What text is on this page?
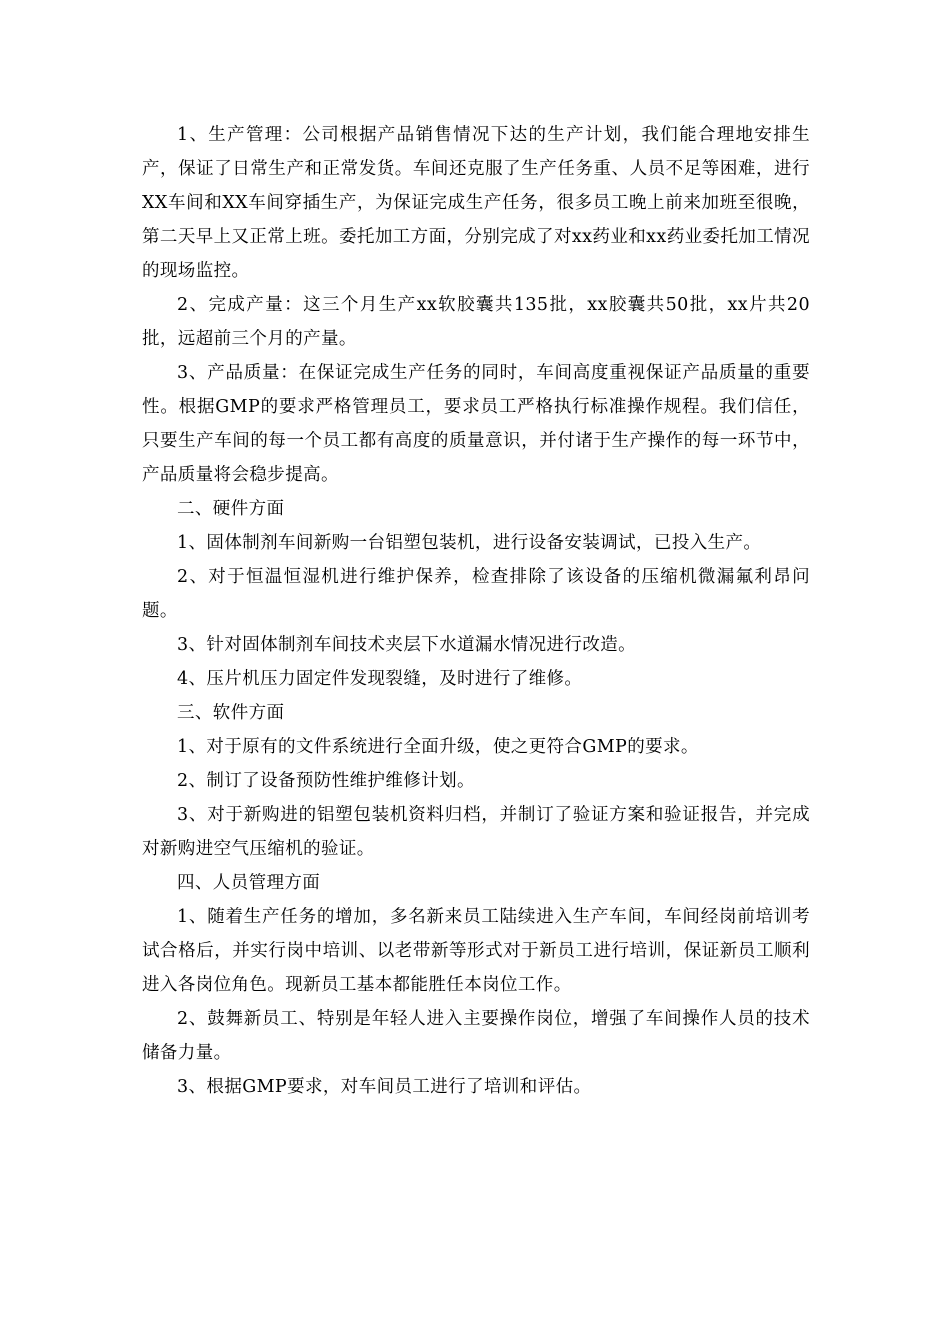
1、生产管理：公司根据产品销售情况下达的生产计划，我们能合理地安排生产，保证了日常生产和正常发货。车间还克服了生产任务重、人员不足等困难，进行XX车间和XX车间穿插生产，为保证完成生产任务，很多员工晚上前来加班至很晚，第二天早上又正常上班。委托加工方面，分别完成了对xx药业和xx药业委托加工情况的现场监控。

2、完成产量：这三个月生产xx软胶囊共135批，xx胶囊共50批，xx片共20批，远超前三个月的产量。

3、产品质量：在保证完成生产任务的同时，车间高度重视保证产品质量的重要性。根据GMP的要求严格管理员工，要求员工严格执行标准操作规程。我们信任，只要生产车间的每一个员工都有高度的质量意识，并付诸于生产操作的每一环节中，产品质量将会稳步提高。

二、硬件方面

1、固体制剂车间新购一台铝塑包装机，进行设备安装调试，已投入生产。

2、对于恒温恒湿机进行维护保养，检查排除了该设备的压缩机微漏氟利昂问题。

3、针对固体制剂车间技术夹层下水道漏水情况进行改造。

4、压片机压力固定件发现裂缝，及时进行了维修。

三、软件方面

1、对于原有的文件系统进行全面升级，使之更符合GMP的要求。

2、制订了设备预防性维护维修计划。

3、对于新购进的铝塑包装机资料归档，并制订了验证方案和验证报告，并完成对新购进空气压缩机的验证。

四、人员管理方面

1、随着生产任务的增加，多名新来员工陆续进入生产车间，车间经岗前培训考试合格后，并实行岗中培训、以老带新等形式对于新员工进行培训，保证新员工顺利进入各岗位角色。现新员工基本都能胜任本岗位工作。

2、鼓舞新员工、特别是年轻人进入主要操作岗位，增强了车间操作人员的技术储备力量。

3、根据GMP要求，对车间员工进行了培训和评估。
